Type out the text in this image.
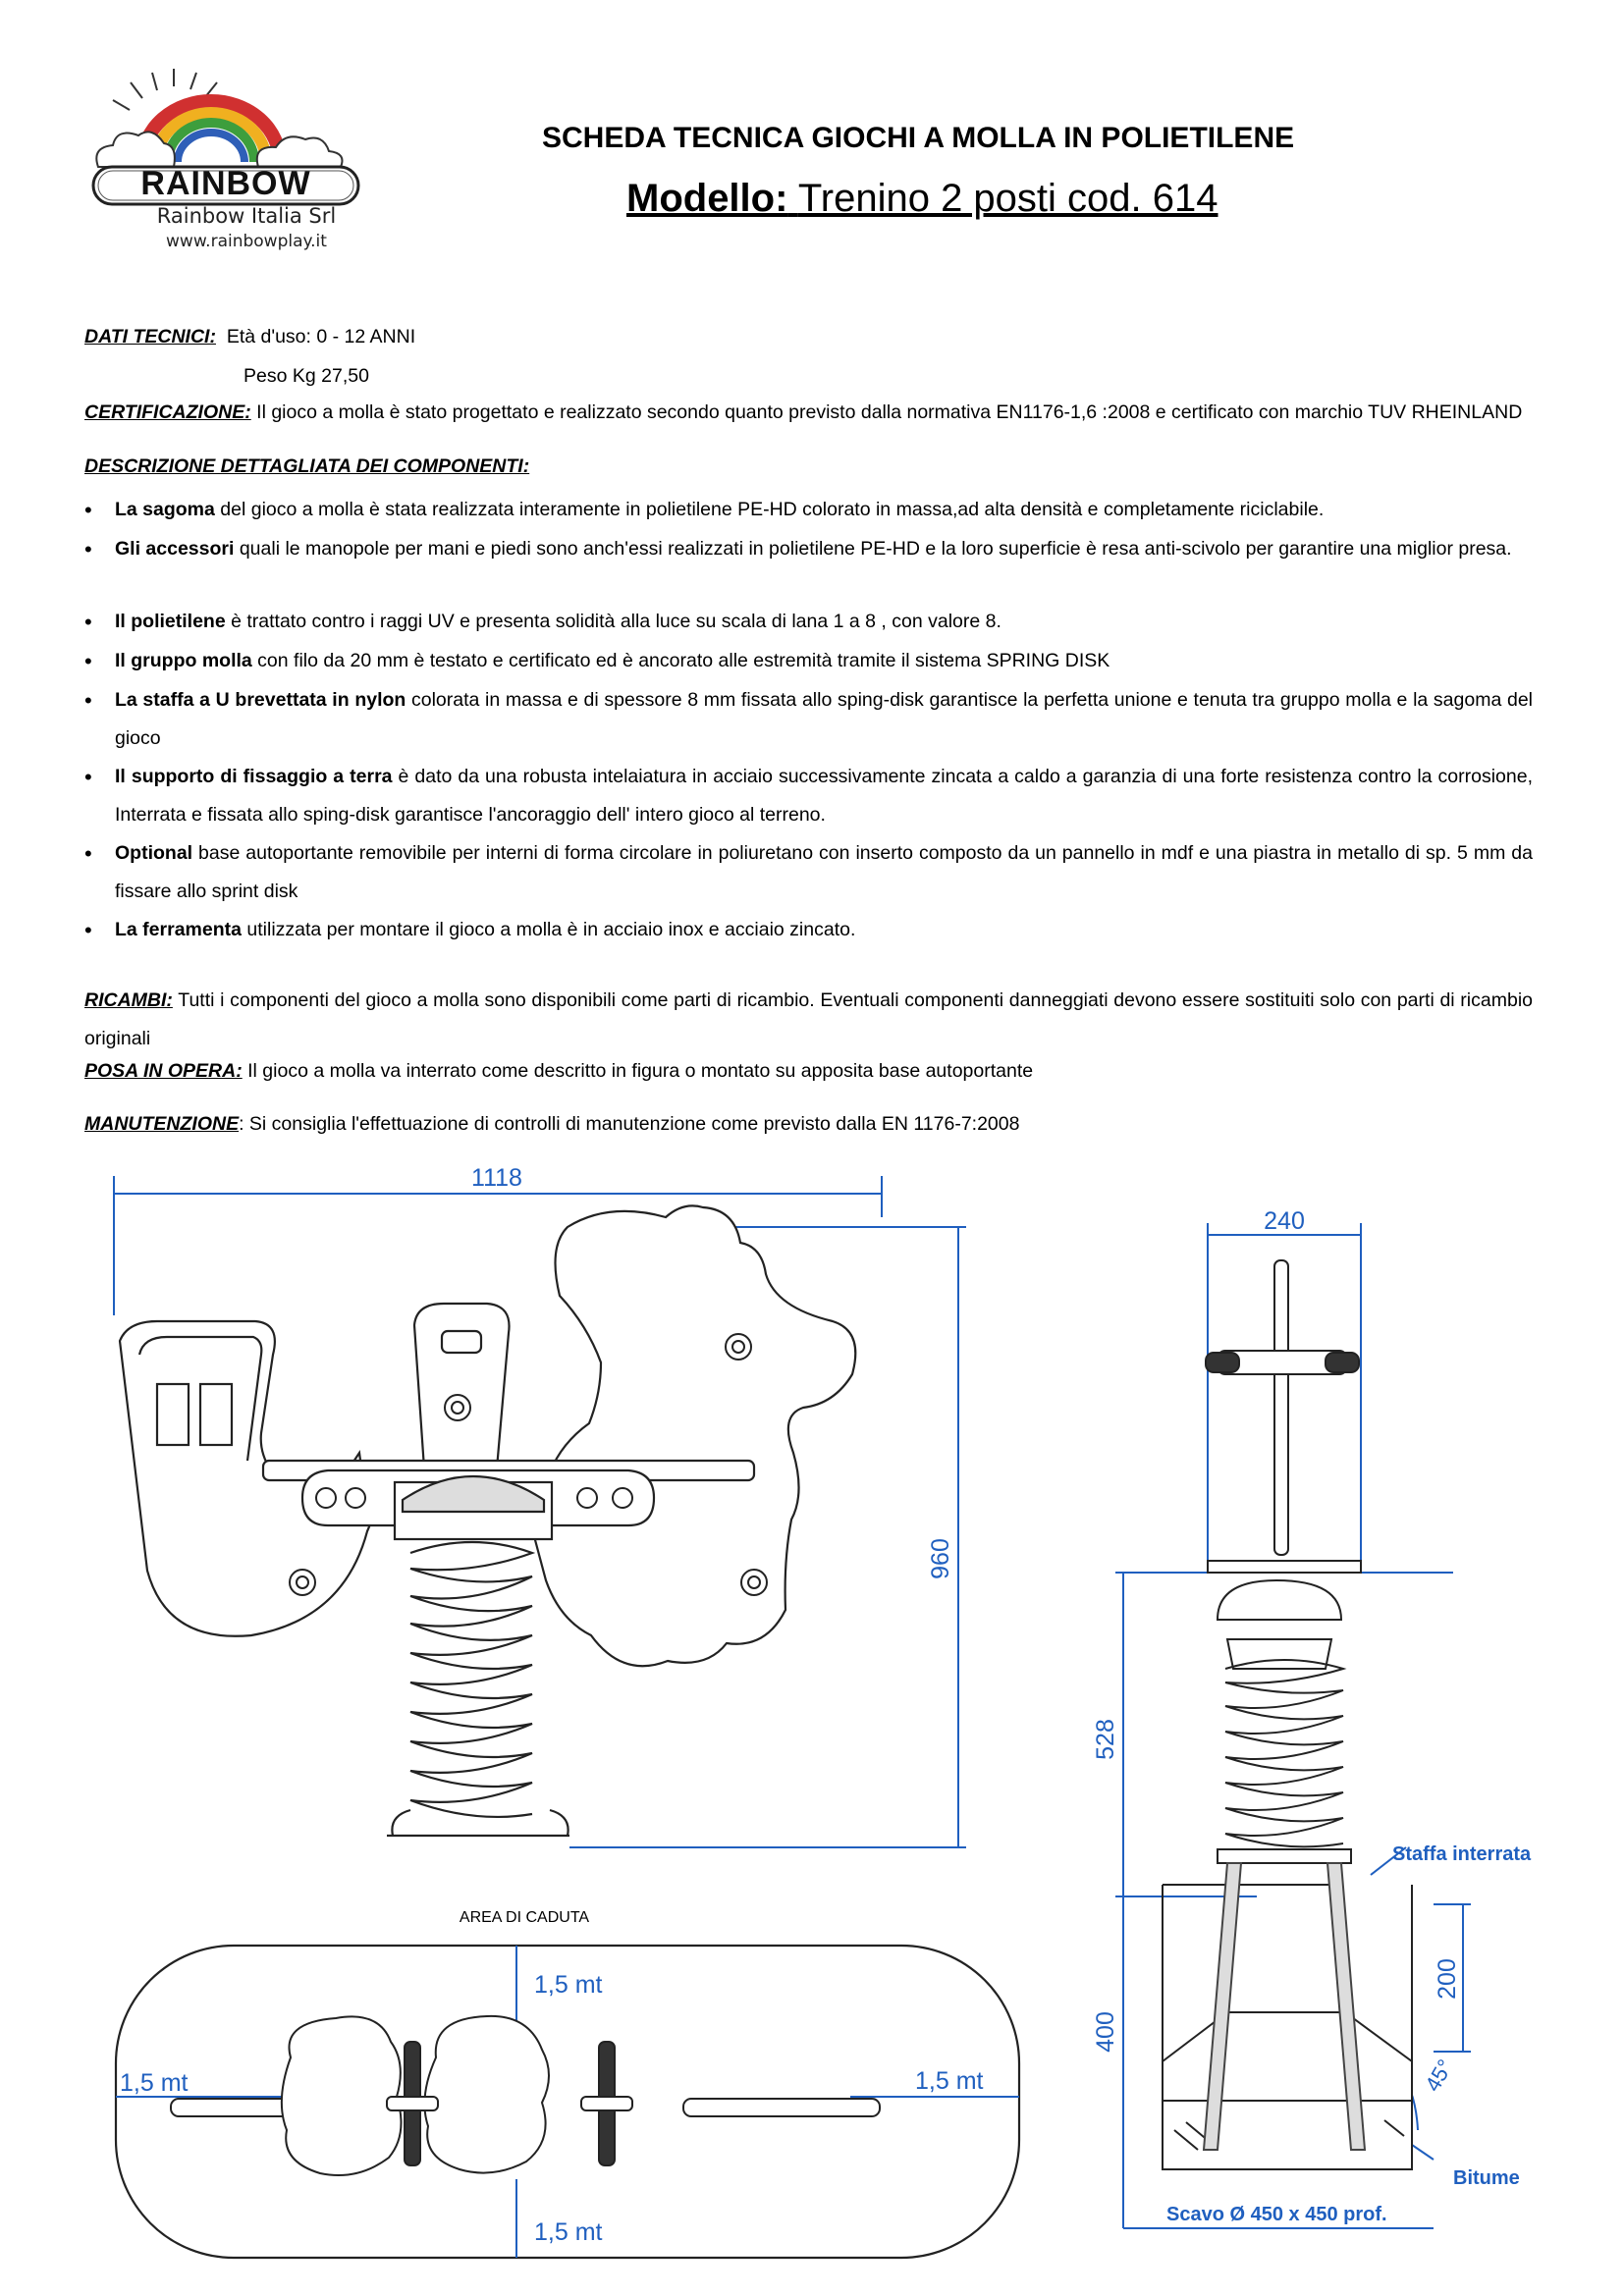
RAINBOW
Rainbow Italia Srl
www.rainbowplay.it
SCHEDA TECNICA GIOCHI A MOLLA IN POLIETILENE
Modello: Trenino 2 posti cod. 614
DATI TECNICI: Età d'uso: 0 - 12 ANNI
Peso Kg 27,50
CERTIFICAZIONE: Il gioco a molla è stato progettato e realizzato secondo quanto previsto dalla normativa EN1176-1,6 :2008 e certificato con marchio TUV RHEINLAND
DESCRIZIONE DETTAGLIATA DEI COMPONENTI:
• La sagoma del gioco a molla è stata realizzata interamente in polietilene PE-HD colorato in massa,ad alta densità e completamente riciclabile.
• Gli accessori quali le manopole per mani e piedi sono anch'essi realizzati in polietilene PE-HD e la loro superficie è resa anti-scivolo per garantire una miglior presa.
• Il polietilene è trattato contro i raggi UV e presenta solidità alla luce su scala di lana 1 a 8 , con valore 8.
• Il gruppo molla con filo da 20 mm è testato e certificato ed è ancorato alle estremità tramite il sistema SPRING DISK
• La staffa a U brevettata in nylon colorata in massa e di spessore 8 mm fissata allo sping-disk garantisce la perfetta unione e tenuta tra gruppo molla e la sagoma del gioco
• Il supporto di fissaggio a terra è dato da una robusta intelaiatura in acciaio successivamente zincata a caldo a garanzia di una forte resistenza contro la corrosione, Interrata e fissata allo sping-disk garantisce l'ancoraggio dell' intero gioco al terreno.
• Optional base autoportante removibile per interni di forma circolare in poliuretano con inserto composto da un pannello in mdf e una piastra in metallo di sp. 5 mm da fissare allo sprint disk
• La ferramenta utilizzata per montare il gioco a molla è in acciaio inox e acciaio zincato.
RICAMBI: Tutti i componenti del gioco a molla sono disponibili come parti di ricambio. Eventuali componenti danneggiati devono essere sostituiti solo con parti di ricambio originali
POSA IN OPERA: Il gioco a molla va interrato come descritto in figura o montato su apposita base autoportante
MANUTENZIONE: Si consiglia l'effettuazione di controlli di manutenzione come previsto dalla EN 1176-7:2008
1118
960
240
528
400
200
45°
Staffa interrata
Bitume
Scavo Ø 450 x 450 prof.
AREA DI CADUTA
1,5 mt
1,5 mt
1,5 mt	1,5 mt
